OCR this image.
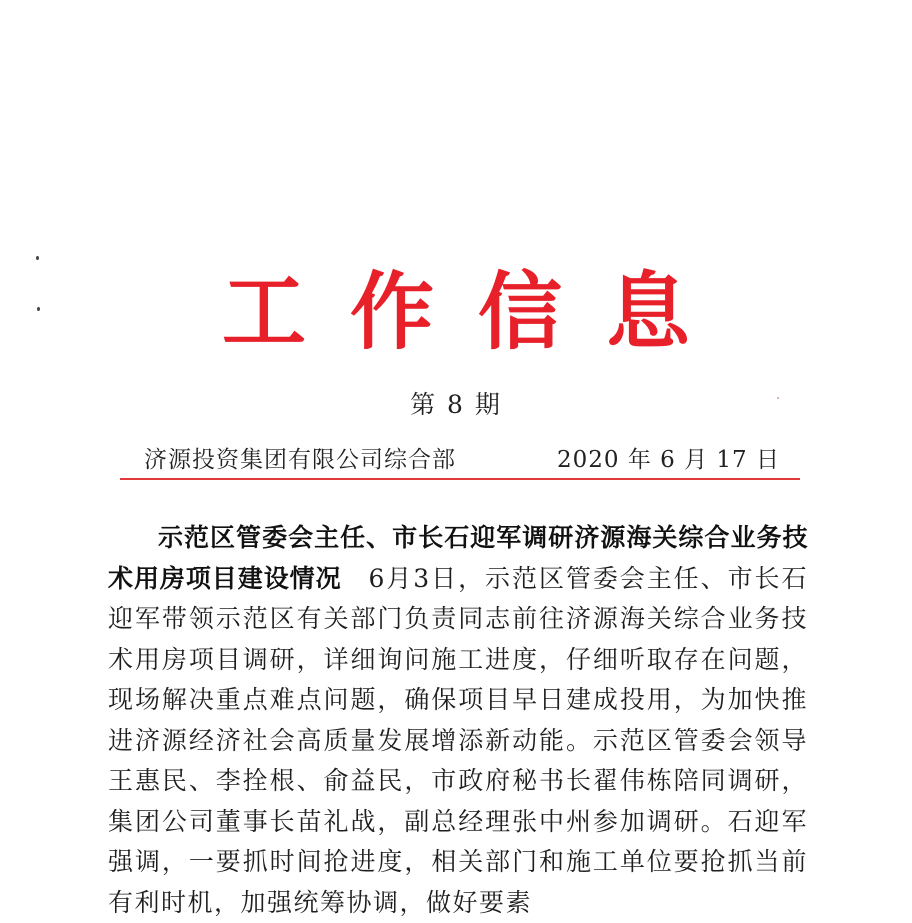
工作信息
第 8 期
济源投资集团有限公司综合部	2020 年 6 月 17 日

示范区管委会主任、市长石迎军调研济源海关综合业务技术用房项目建设情况　6月3日，示范区管委会主任、市长石迎军带领示范区有关部门负责同志前往济源海关综合业务技术用房项目调研，详细询问施工进度，仔细听取存在问题，现场解决重点难点问题，确保项目早日建成投用，为加快推进济源经济社会高质量发展增添新动能。示范区管委会领导王惠民、李拴根、俞益民，市政府秘书长翟伟栋陪同调研，集团公司董事长苗礼战，副总经理张中州参加调研。石迎军强调，一要抓时间抢进度，相关部门和施工单位要抢抓当前有利时机，加强统筹协调，做好要素
